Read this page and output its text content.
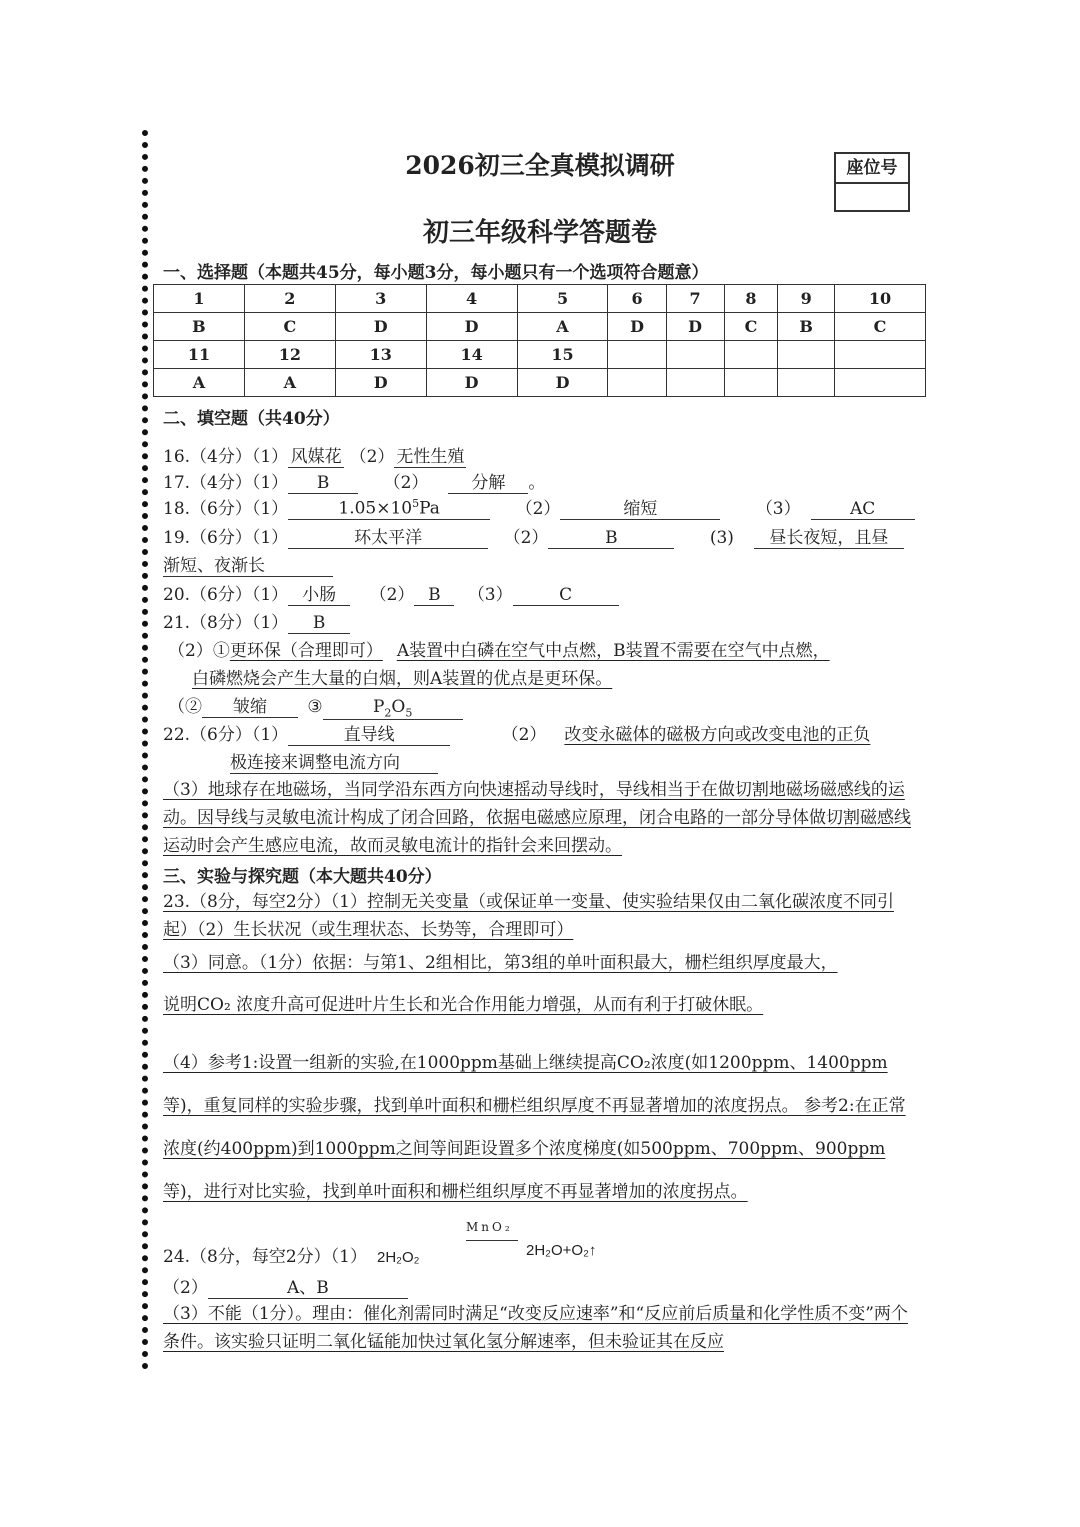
2026初三全真模拟调研
初三年级科学答题卷
座位号
一、选择题（本题共45分，每小题3分，每小题只有一个选项符合题意）
1	2	3	4	5	6	7	8	9	10
B	C	D	D	A	D	D	C	B	C
11	12	13	14	15					
A	A	D	D	D					
二、填空题（共40分）
16.（4分）（1） 风媒花 （2） 无性生殖
17.（4分）（1） B	（2）	分解 。
18.（6分）（1）	$1.05\times 10^5Pa$	（2）	缩短	（3）	AC
19.（6分）（1）	环太平洋	（2）	B	(3) 昼长夜短，且昼
渐短、夜渐长
20.（6分）（1） 小肠 （2） B （3）	C
21.（8分）（1） B
（2）①更环保（合理即可） A装置中白磷在空气中点燃，B装置不需要在空气中点燃，
白磷燃烧会产生大量的白烟，则A装置的优点是更环保。
（② 皱缩 ③	$P_2O_5$
22.（6分）（1）	直导线	（2） 改变永磁体的磁极方向或改变电池的正负
极连接来调整电流方向
（3）地球存在地磁场，当同学沿东西方向快速摇动导线时，导线相当于在做切割地磁场磁感线的运动。因导线与灵敏电流计构成了闭合回路，依据电磁感应原理，闭合电路的一部分导体做切割磁感线运动时会产生感应电流，故而灵敏电流计的指针会来回摆动。
三、实验与探究题（本大题共40分）
23.（8分，每空2分）（1）控制无关变量（或保证单一变量、使实验结果仅由二氧化碳浓度不同引起）（2）生长状况（或生理状态、长势等，合理即可）
（3）同意。（1分）依据：与第1、2组相比，第3组的单叶面积最大，栅栏组织厚度最大，
说明CO₂ 浓度升高可促进叶片生长和光合作用能力增强，从而有利于打破休眠。
（4）参考1:设置一组新的实验,在1000ppm基础上继续提高CO₂浓度(如1200ppm、1400ppm等)，重复同样的实验步骤，找到单叶面积和栅栏组织厚度不再显著增加的浓度拐点。 参考2:在正常浓度(约400ppm)到1000ppm之间等间距设置多个浓度梯度(如500ppm、700ppm、900ppm等)，进行对比实验，找到单叶面积和栅栏组织厚度不再显著增加的浓度拐点。
MnO₂
24.（8分，每空2分）（1） 2H₂O₂	2H₂O+O₂↑
（2）	A、B
（3）不能（1分）。理由：催化剂需同时满足“改变反应速率”和“反应前后质量和化学性质不变”两个条件。该实验只证明二氧化锰能加快过氧化氢分解速率，但未验证其在反应
